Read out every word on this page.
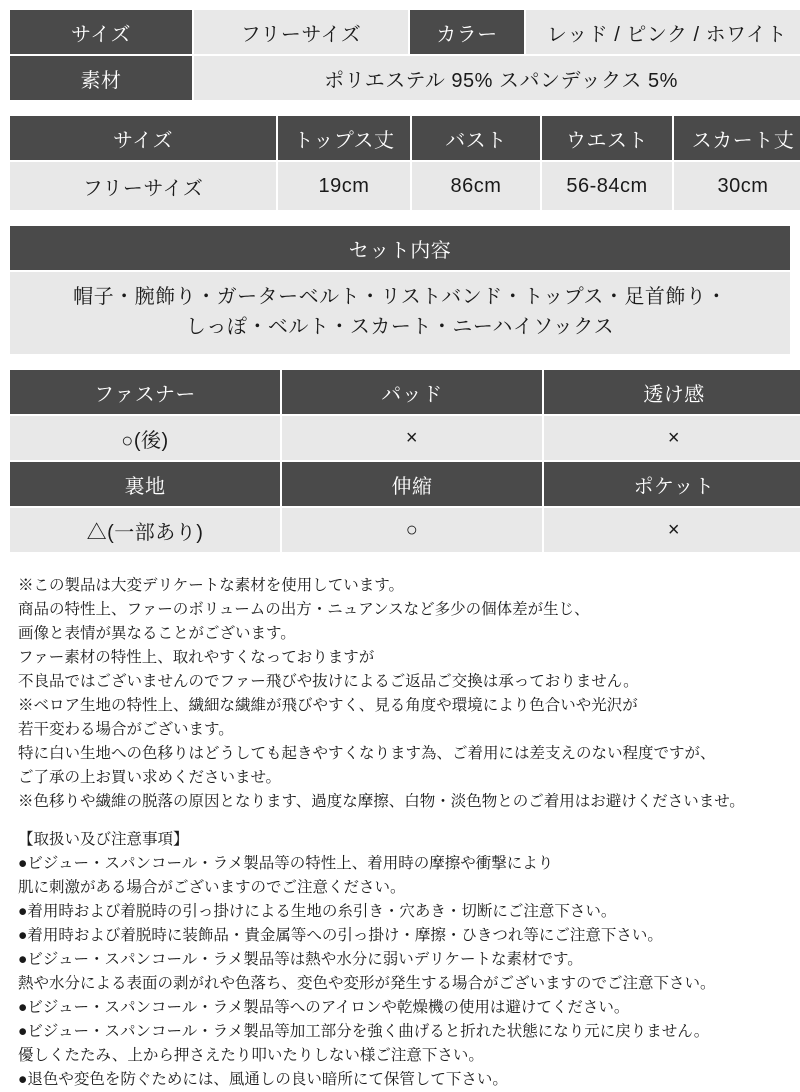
サイズ	フリーサイズ	カラー	レッド / ピンク / ホワイト
素材	ポリエステル 95% スパンデックス 5%		
サイズ	トップス丈	バスト	ウエスト	スカート丈
フリーサイズ	19cm	86cm	56-84cm	30cm
セット内容

帽子・腕飾り・ガーターベルト・リストバンド・トップス・足首飾り・
しっぽ・ベルト・スカート・ニーハイソックス
ファスナー	パッド	透け感
○(後)	×	×
裏地	伸縮	ポケット
△(一部あり)	○	×

※この製品は大変デリケートな素材を使用しています。

商品の特性上、ファーのボリュームの出方・ニュアンスなど多少の個体差が生じ、

画像と表情が異なることがございます。

ファー素材の特性上、取れやすくなっておりますが

不良品ではございませんのでファー飛びや抜けによるご返品ご交換は承っておりません。

※ベロア生地の特性上、繊細な繊維が飛びやすく、見る角度や環境により色合いや光沢が

若干変わる場合がございます。

特に白い生地への色移りはどうしても起きやすくなります為、ご着用には差支えのない程度ですが、

ご了承の上お買い求めくださいませ。

※色移りや繊維の脱落の原因となります、過度な摩擦、白物・淡色物とのご着用はお避けくださいませ。

【取扱い及び注意事項】

●ビジュー・スパンコール・ラメ製品等の特性上、着用時の摩擦や衝撃により

肌に刺激がある場合がございますのでご注意ください。

●着用時および着脱時の引っ掛けによる生地の糸引き・穴あき・切断にご注意下さい。

●着用時および着脱時に装飾品・貴金属等への引っ掛け・摩擦・ひきつれ等にご注意下さい。

●ビジュー・スパンコール・ラメ製品等は熱や水分に弱いデリケートな素材です。

熱や水分による表面の剥がれや色落ち、変色や変形が発生する場合がございますのでご注意下さい。

●ビジュー・スパンコール・ラメ製品等へのアイロンや乾燥機の使用は避けてください。

●ビジュー・スパンコール・ラメ製品等加工部分を強く曲げると折れた状態になり元に戻りません。

優しくたたみ、上から押さえたり叩いたりしない様ご注意下さい。

●退色や変色を防ぐためには、風通しの良い暗所にて保管して下さい。
